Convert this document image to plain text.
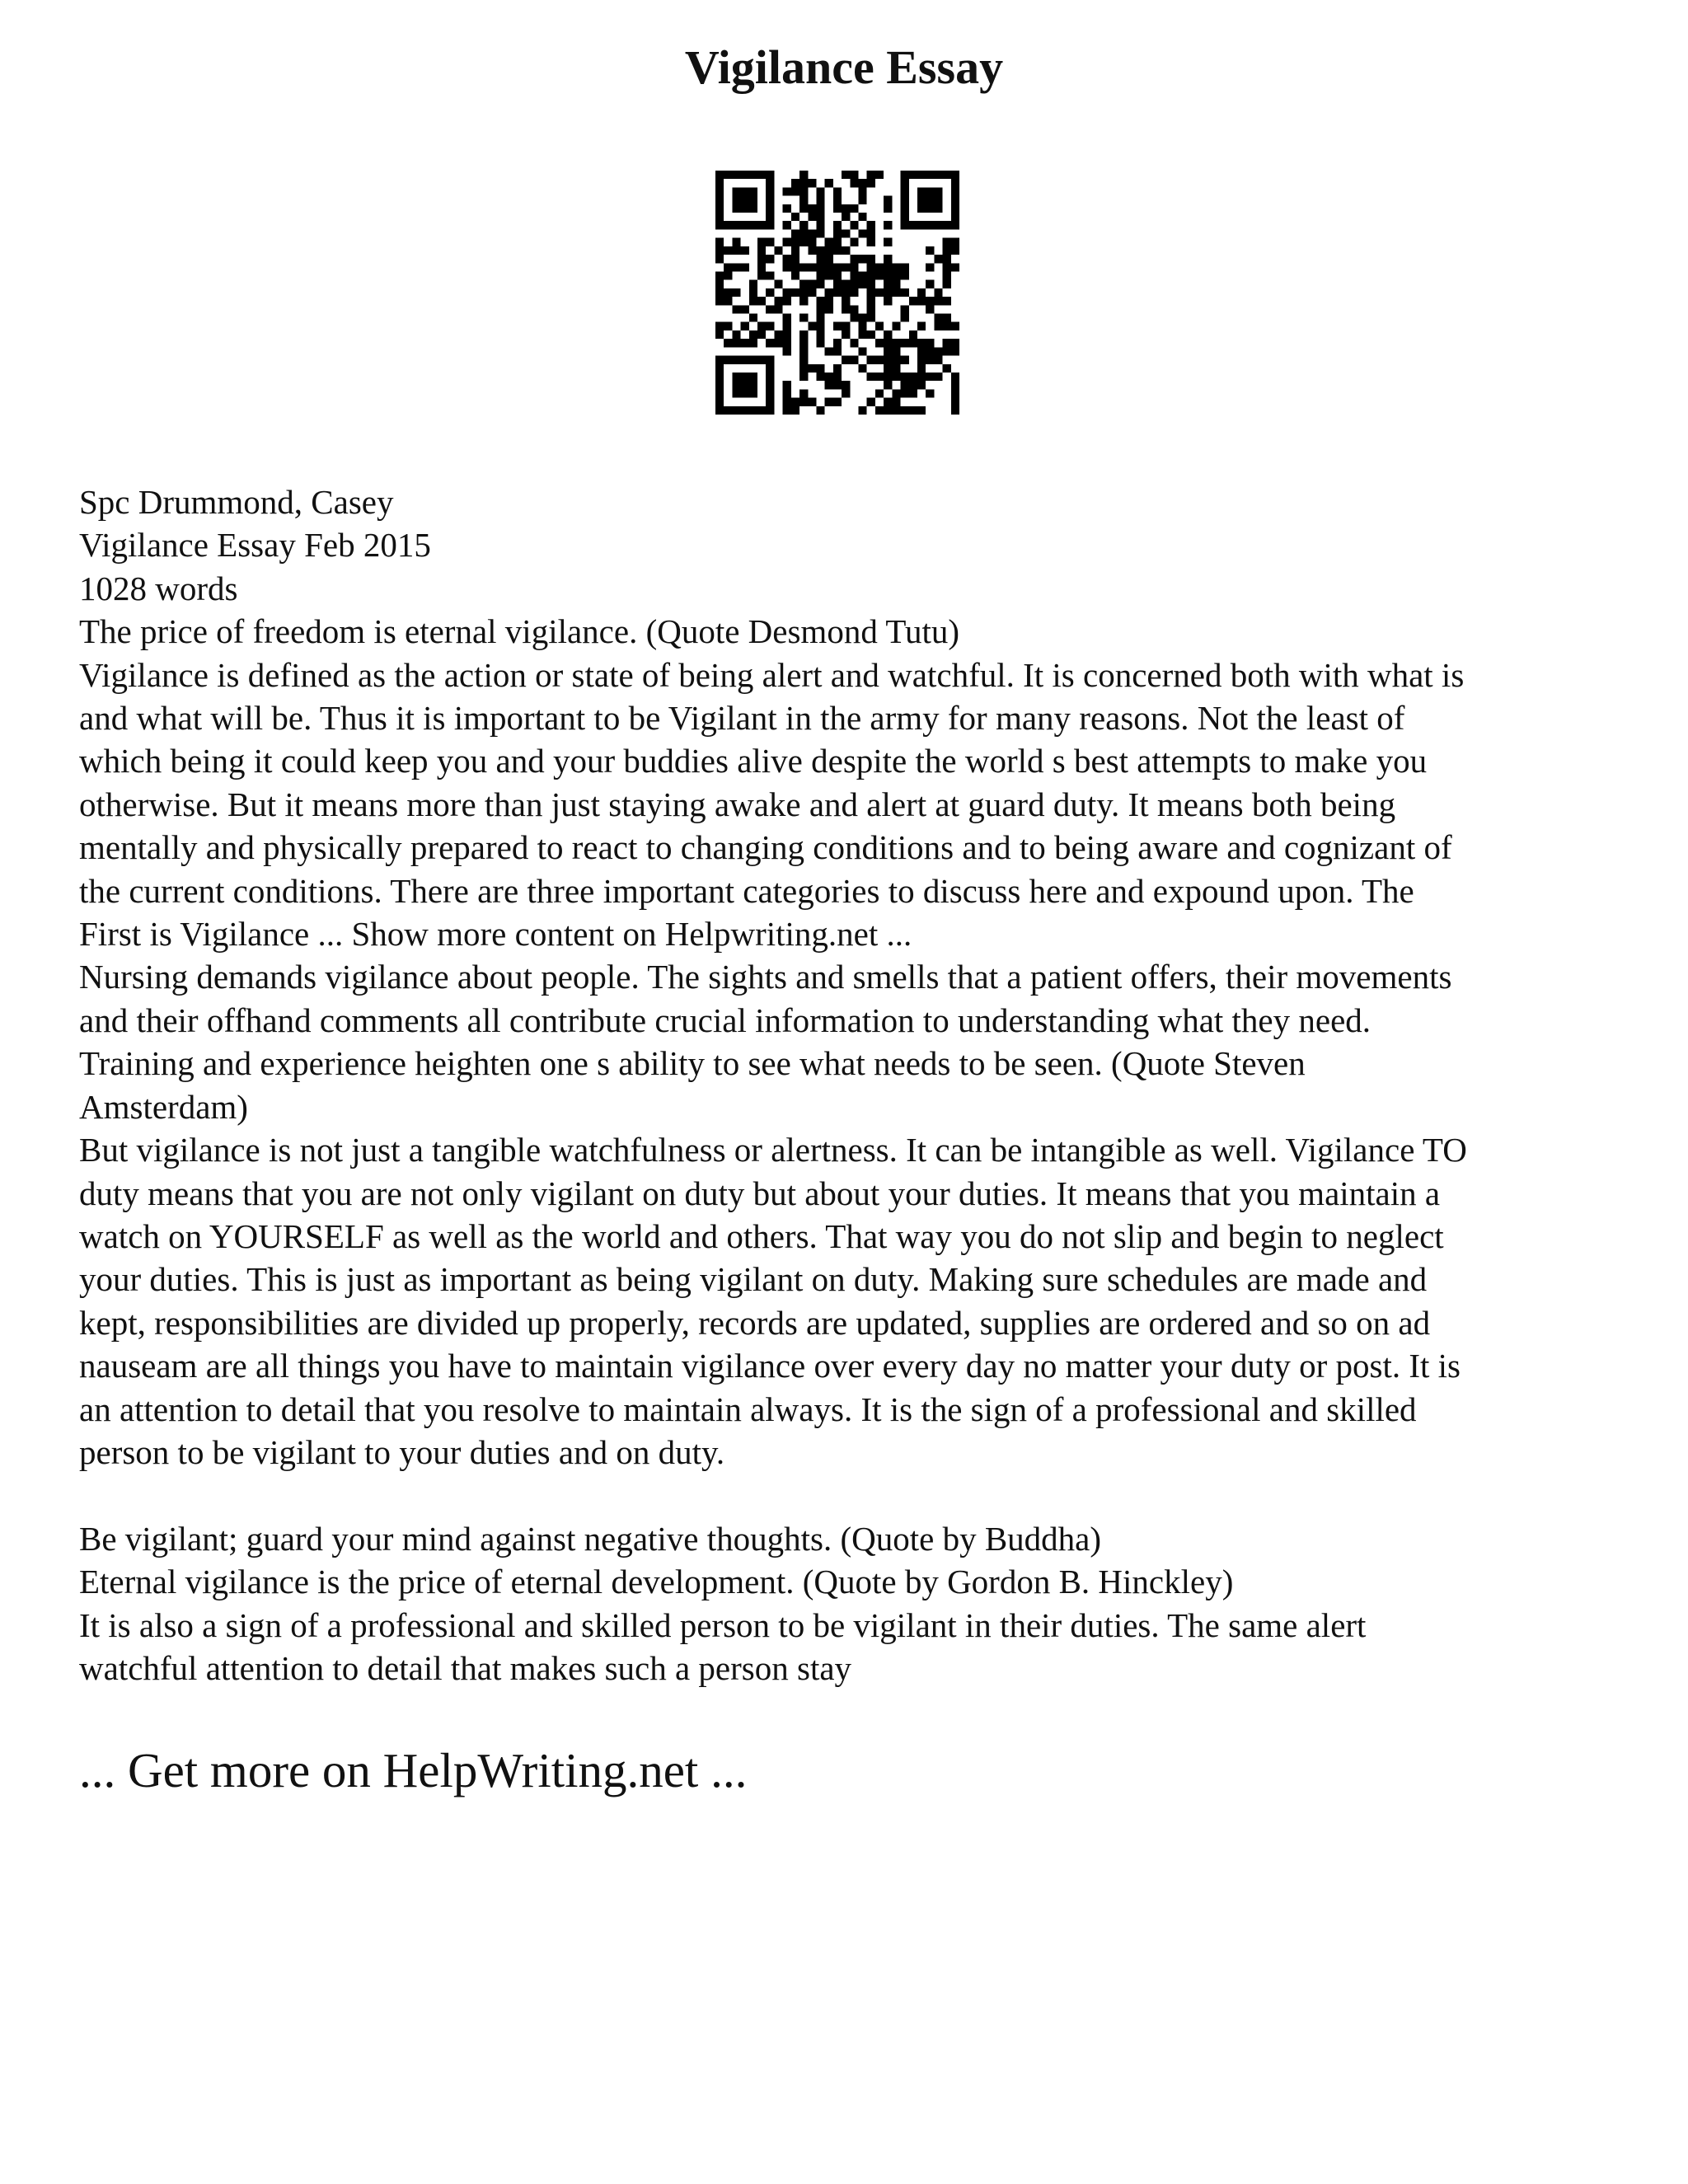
Vigilance Essay
Spc Drummond, Casey
Vigilance Essay Feb 2015
1028 words
The price of freedom is eternal vigilance. (Quote Desmond Tutu)
Vigilance is defined as the action or state of being alert and watchful. It is concerned both with what is
and what will be. Thus it is important to be Vigilant in the army for many reasons. Not the least of
which being it could keep you and your buddies alive despite the world s best attempts to make you
otherwise. But it means more than just staying awake and alert at guard duty. It means both being
mentally and physically prepared to react to changing conditions and to being aware and cognizant of
the current conditions. There are three important categories to discuss here and expound upon. The
First is Vigilance ... Show more content on Helpwriting.net ...
Nursing demands vigilance about people. The sights and smells that a patient offers, their movements
and their offhand comments all contribute crucial information to understanding what they need.
Training and experience heighten one s ability to see what needs to be seen. (Quote Steven
Amsterdam)
But vigilance is not just a tangible watchfulness or alertness. It can be intangible as well. Vigilance TO
duty means that you are not only vigilant on duty but about your duties. It means that you maintain a
watch on YOURSELF as well as the world and others. That way you do not slip and begin to neglect
your duties. This is just as important as being vigilant on duty. Making sure schedules are made and
kept, responsibilities are divided up properly, records are updated, supplies are ordered and so on ad
nauseam are all things you have to maintain vigilance over every day no matter your duty or post. It is
an attention to detail that you resolve to maintain always. It is the sign of a professional and skilled
person to be vigilant to your duties and on duty.
Be vigilant; guard your mind against negative thoughts. (Quote by Buddha)
Eternal vigilance is the price of eternal development. (Quote by Gordon B. Hinckley)
It is also a sign of a professional and skilled person to be vigilant in their duties. The same alert
watchful attention to detail that makes such a person stay
... Get more on HelpWriting.net ...
